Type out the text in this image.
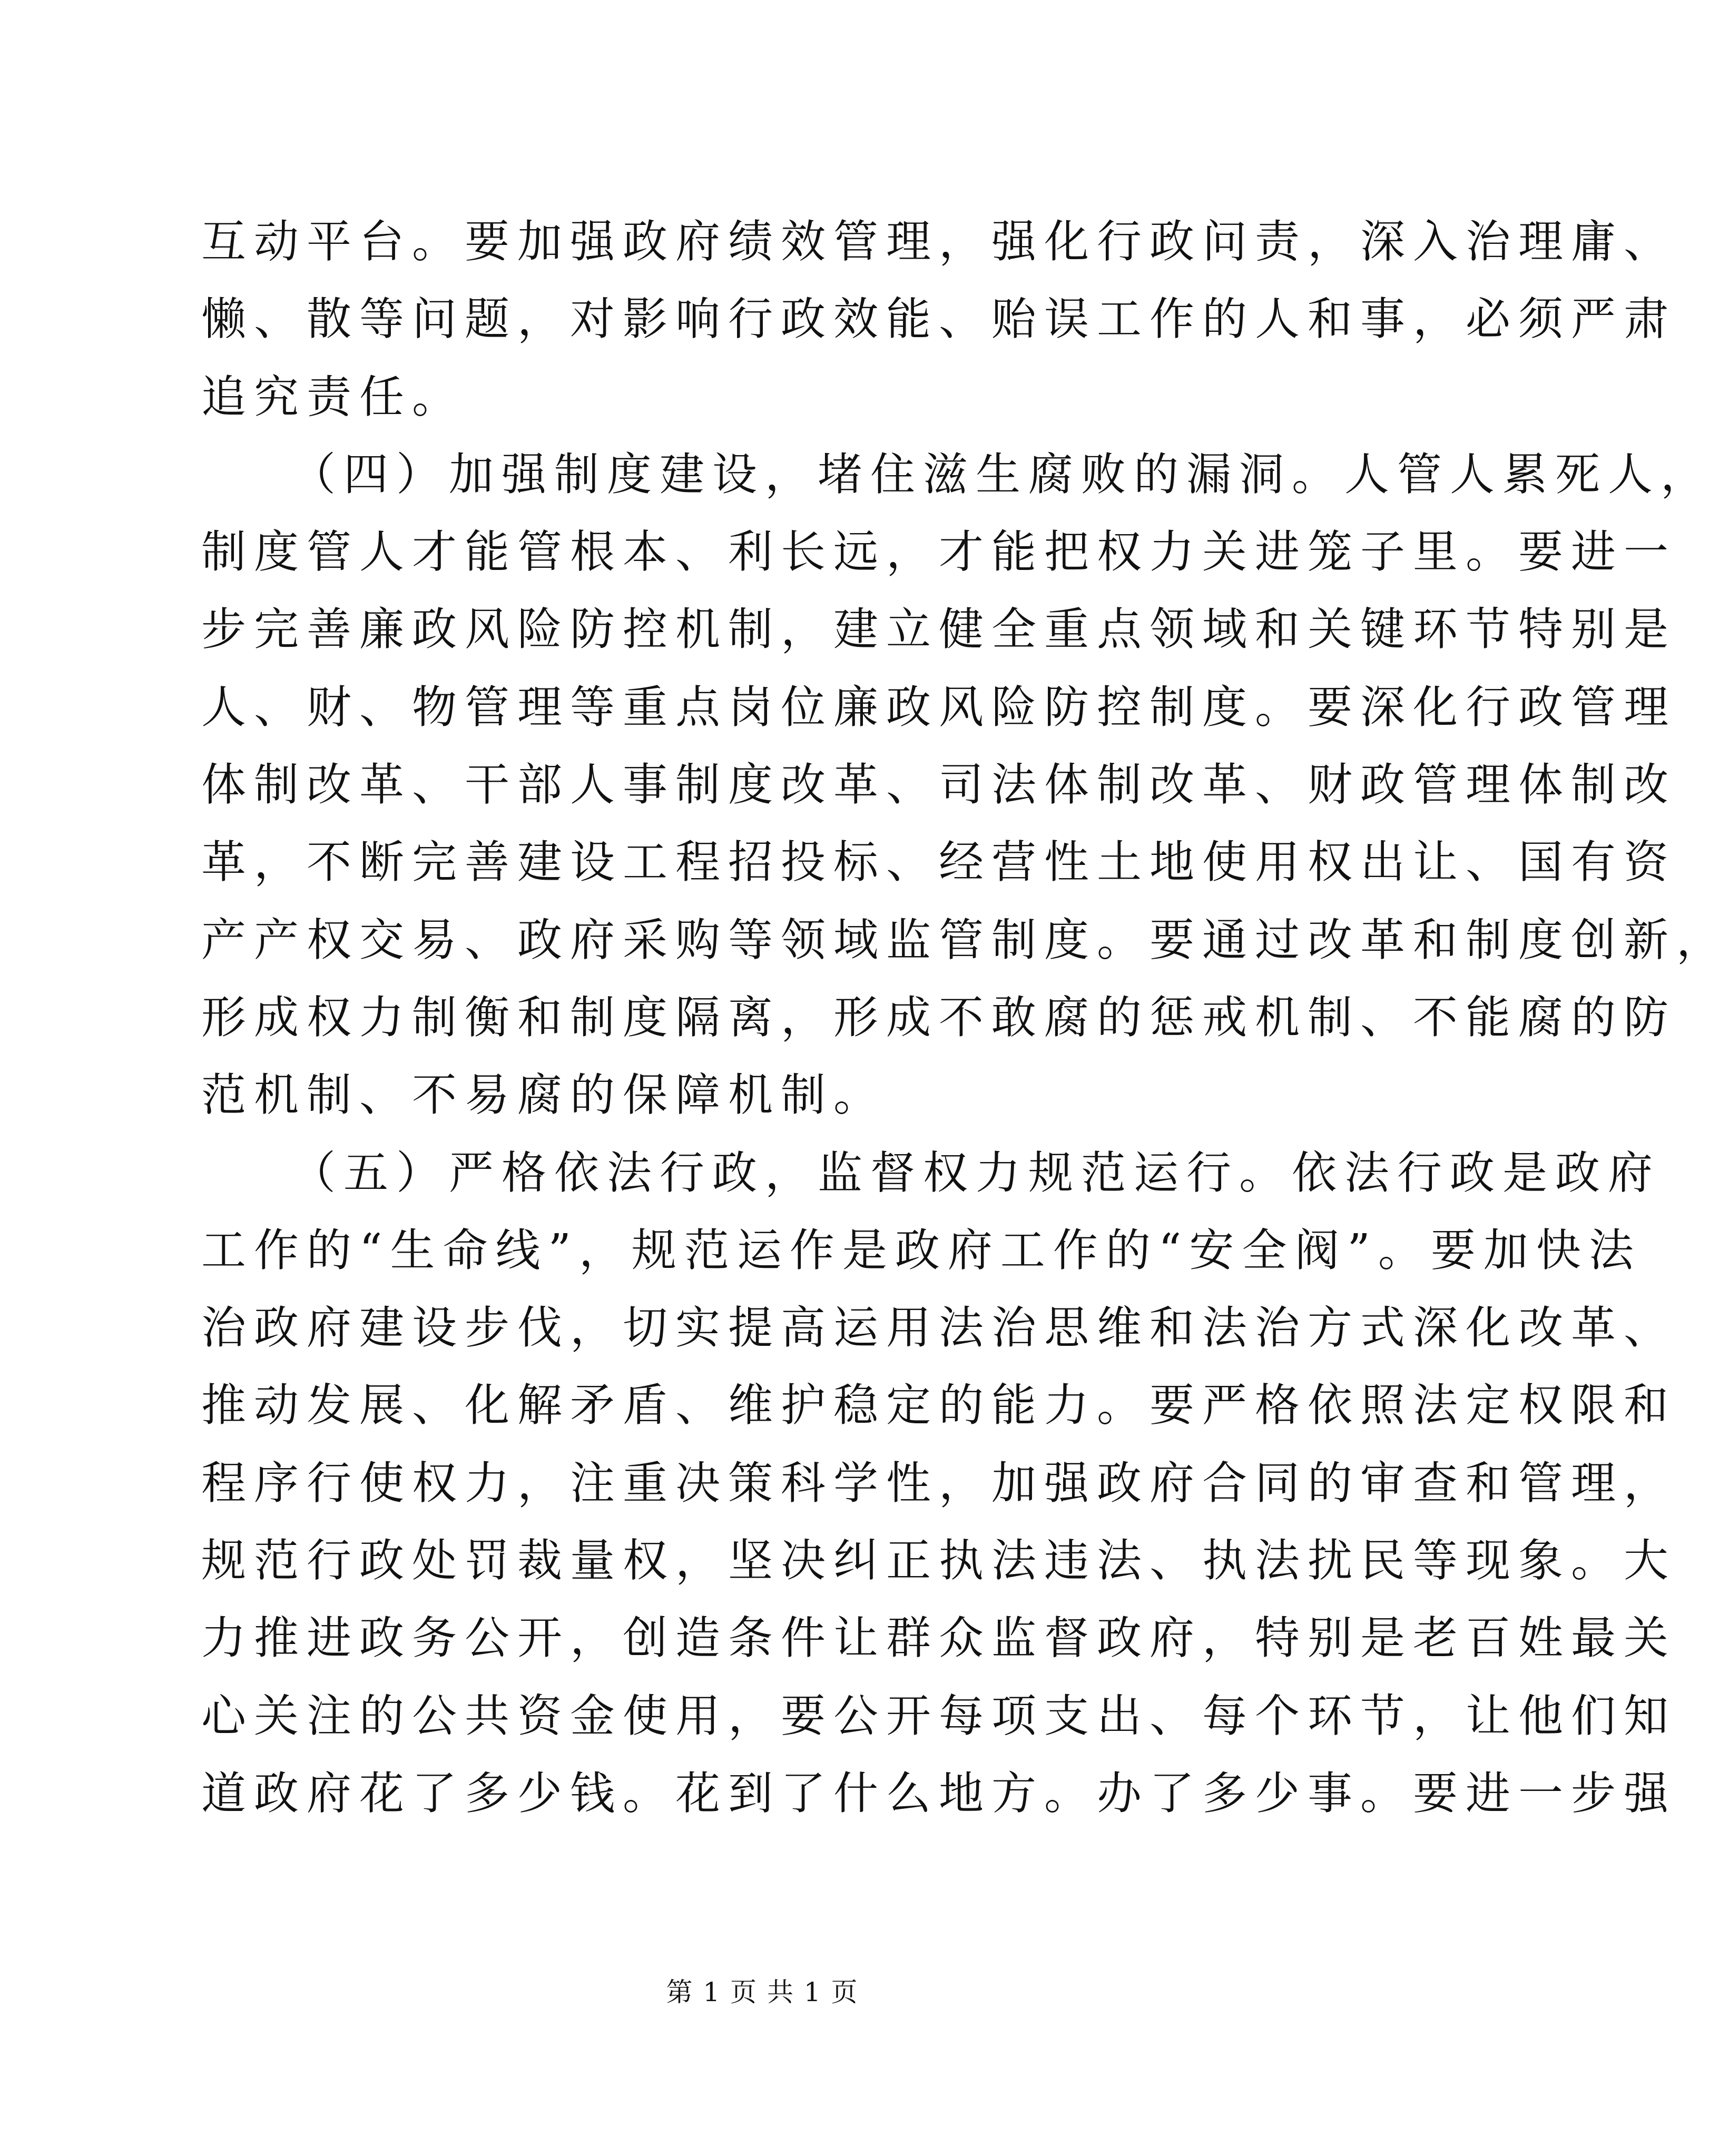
互动平台。要加强政府绩效管理，强化行政问责，深入治理庸、
懒、散等问题，对影响行政效能、贻误工作的人和事，必须严肃
追究责任。
（四）加强制度建设，堵住滋生腐败的漏洞。人管人累死人，
制度管人才能管根本、利长远，才能把权力关进笼子里。要进一
步完善廉政风险防控机制，建立健全重点领域和关键环节特别是
人、财、物管理等重点岗位廉政风险防控制度。要深化行政管理
体制改革、干部人事制度改革、司法体制改革、财政管理体制改
革，不断完善建设工程招投标、经营性土地使用权出让、国有资
产产权交易、政府采购等领域监管制度。要通过改革和制度创新，
形成权力制衡和制度隔离，形成不敢腐的惩戒机制、不能腐的防
范机制、不易腐的保障机制。
（五）严格依法行政，监督权力规范运行。依法行政是政府
工作的“生命线”，规范运作是政府工作的“安全阀”。要加快法
治政府建设步伐，切实提高运用法治思维和法治方式深化改革、
推动发展、化解矛盾、维护稳定的能力。要严格依照法定权限和
程序行使权力，注重决策科学性，加强政府合同的审查和管理，
规范行政处罚裁量权，坚决纠正执法违法、执法扰民等现象。大
力推进政务公开，创造条件让群众监督政府，特别是老百姓最关
心关注的公共资金使用，要公开每项支出、每个环节，让他们知
道政府花了多少钱。花到了什么地方。办了多少事。要进一步强
第 1 页 共 1 页
